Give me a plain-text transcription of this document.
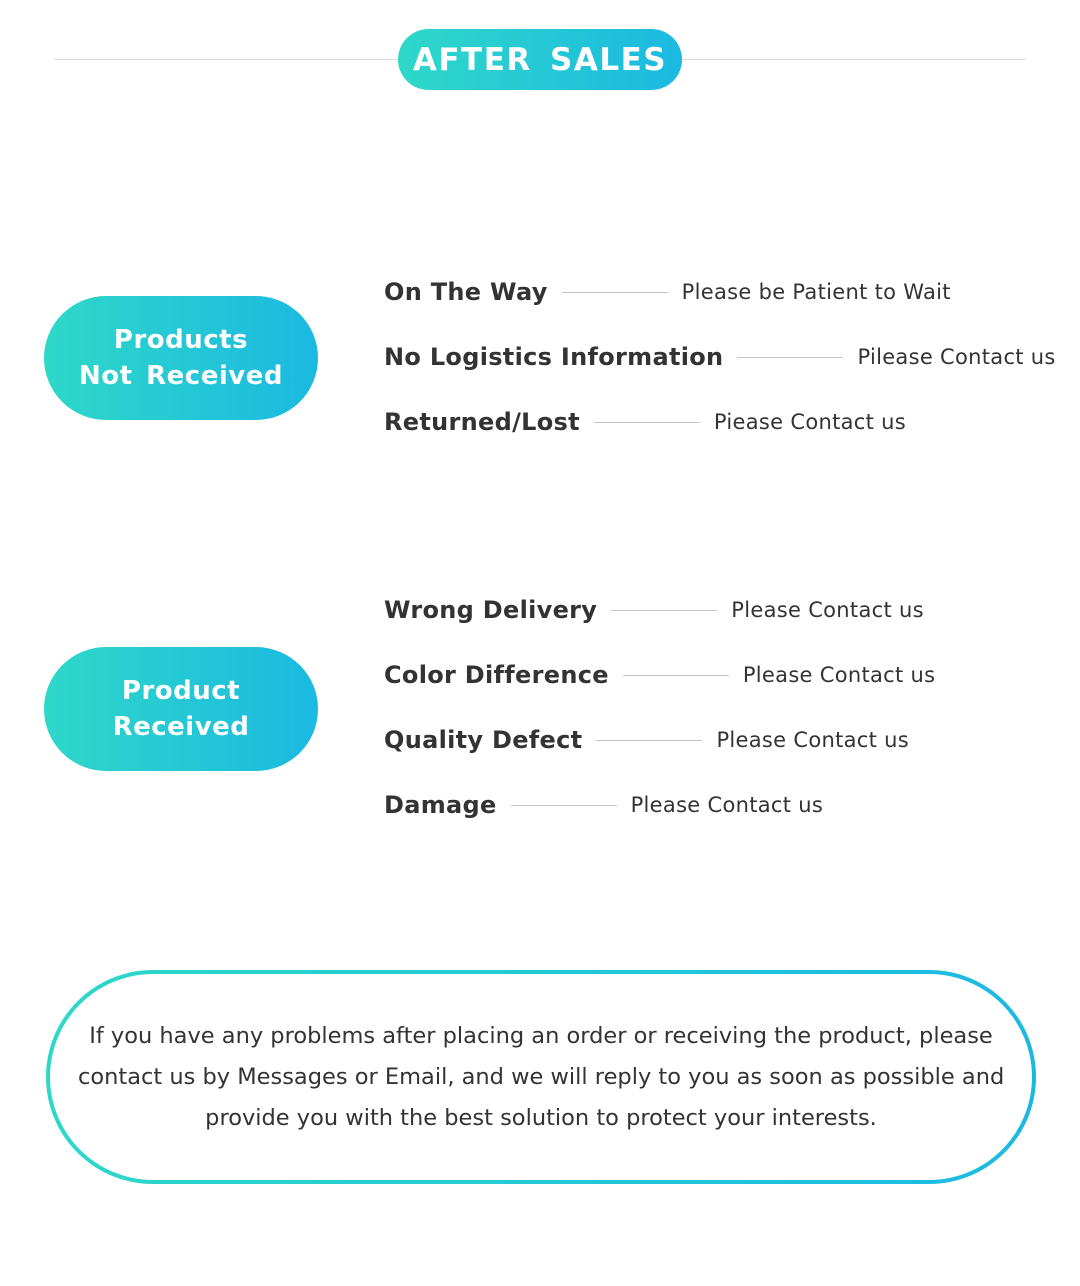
AFTER SALES
Products
Not Received
On The Way	Please be Patient to Wait
No Logistics Information	Pilease Contact us
Returned/Lost	Piease Contact us
Product
Received
Wrong Delivery	Please Contact us
Color Difference	Please Contact us
Quality Defect	Please Contact us
Damage	Please Contact us
If you have any problems after placing an order or receiving the product, please
contact us by Messages or Email, and we will reply to you as soon as possible and
provide you with the best solution to protect your interests.
